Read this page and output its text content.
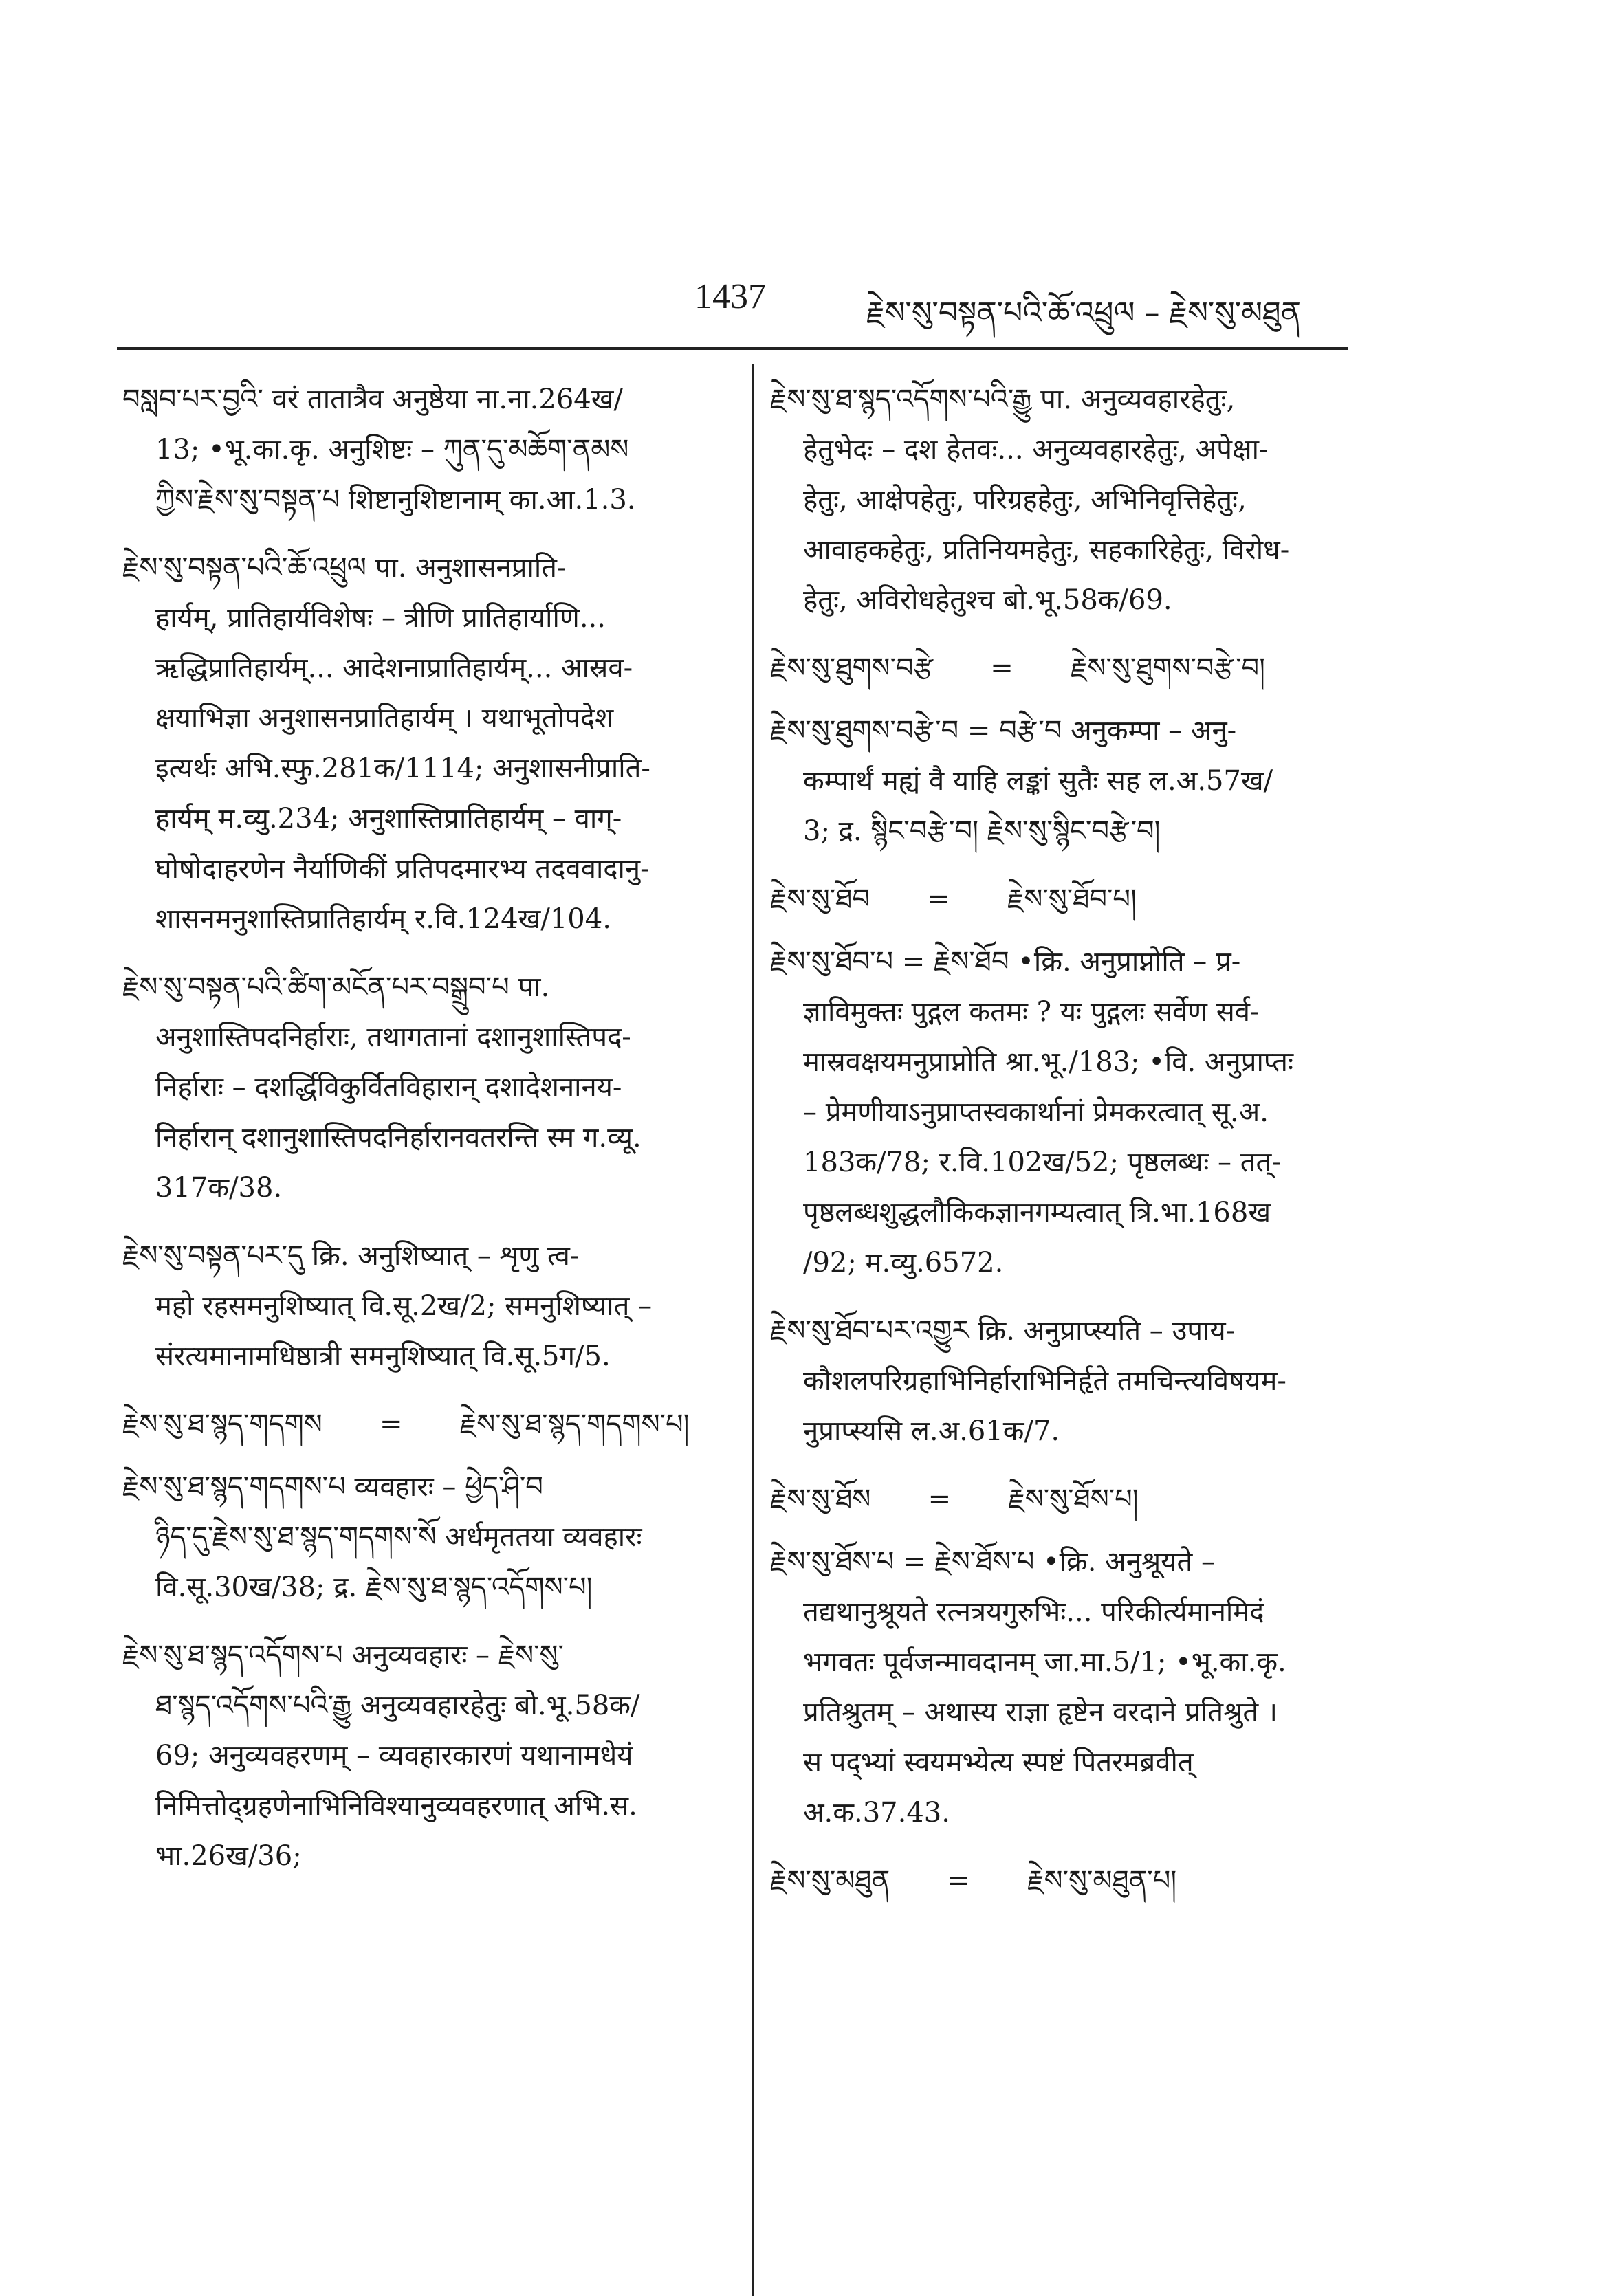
1437	རྗེས་སུ་བསྟན་པའི་ཆོ་འཕྲུལ – རྗེས་སུ་མཐུན

བསླབ་པར་བྱའི་ वरं तातात्रैव अनुष्ठेया ना.ना.264ख/

13; •भू.का.कृ. अनुशिष्टः – ཀུན་དུ་མཆོག་ནམས

ཀྱིས་རྗེས་སུ་བསྟན་པ शिष्टानुशिष्टानाम् का.आ.1.3.

རྗེས་སུ་བསྟན་པའི་ཆོ་འཕྲུལ पा. अनुशासनप्राति-

हार्यम्, प्रातिहार्यविशेषः – त्रीणि प्रातिहार्याणि...

ऋद्धिप्रातिहार्यम्... आदेशनाप्रातिहार्यम्... आस्रव-

क्षयाभिज्ञा अनुशासनप्रातिहार्यम् । यथाभूतोपदेश

इत्यर्थः अभि.स्फु.281क/1114; अनुशासनीप्राति-

हार्यम् म.व्यु.234; अनुशास्तिप्रातिहार्यम् – वाग्-

घोषोदाहरणेन नैर्याणिकीं प्रतिपदमारभ्य तदववादानु-

शासनमनुशास्तिप्रातिहार्यम् र.वि.124ख/104.

རྗེས་སུ་བསྟན་པའི་ཚིག་མངོན་པར་བསྒྲུབ་པ पा.

अनुशास्तिपदनिर्हाराः, तथागतानां दशानुशास्तिपद-

निर्हाराः – दशर्द्धिविकुर्वितविहारान् दशादेशनानय-

निर्हारान् दशानुशास्तिपदनिर्हारानवतरन्ति स्म ग.व्यू.

317क/38.

རྗེས་སུ་བསྟན་པར་དུ क्रि. अनुशिष्यात् – शृणु त्व-

महो रहसमनुशिष्यात् वि.सू.2ख/2; समनुशिष्यात् –

संरत्यमानामधिष्ठात्री समनुशिष्यात् वि.सू.5ग/5.

རྗེས་སུ་ཐ་སྙད་གདགས = རྗེས་སུ་ཐ་སྙད་གདགས་པ།

རྗེས་སུ་ཐ་སྙད་གདགས་པ व्यवहारः – ཕྱེད་ཤི་བ

ཉིད་དུ་རྗེས་སུ་ཐ་སྙད་གདགས་སོ अर्धमृततया व्यवहारः

वि.सू.30ख/38; द्र. རྗེས་སུ་ཐ་སྙད་འདོགས་པ།

རྗེས་སུ་ཐ་སྙད་འདོགས་པ अनुव्यवहारः – རྗེས་སུ་

ཐ་སྙད་འདོགས་པའི་རྒྱུ अनुव्यवहारहेतुः बो.भू.58क/

69; अनुव्यवहरणम् – व्यवहारकारणं यथानामधेयं

निमित्तोद्ग्रहणेनाभिनिविश्यानुव्यवहरणात् अभि.स.

भा.26ख/36;

རྗེས་སུ་ཐ་སྙད་འདོགས་པའི་རྒྱུ पा. अनुव्यवहारहेतुः,

हेतुभेदः – दश हेतवः... अनुव्यवहारहेतुः, अपेक्षा-

हेतुः, आक्षेपहेतुः, परिग्रहहेतुः, अभिनिवृत्तिहेतुः,

आवाहकहेतुः, प्रतिनियमहेतुः, सहकारिहेतुः, विरोध-

हेतुः, अविरोधहेतुश्च बो.भू.58क/69.

རྗེས་སུ་ཐུགས་བརྩེ = རྗེས་སུ་ཐུགས་བརྩེ་བ།

རྗེས་སུ་ཐུགས་བརྩེ་བ = བརྩེ་བ अनुकम्पा – अनु-

कम्पार्थं मह्यं वै याहि लङ्कां सुतैः सह ल.अ.57ख/

3; द्र. སྙིང་བརྩེ་བ། རྗེས་སུ་སྙིང་བརྩེ་བ།

རྗེས་སུ་ཐོབ = རྗེས་སུ་ཐོབ་པ།

རྗེས་སུ་ཐོབ་པ = རྗེས་ཐོབ •क्रि. अनुप्राप्नोति – प्र-

ज्ञाविमुक्तः पुद्गल कतमः ? यः पुद्गलः सर्वेण सर्व-

मास्रवक्षयमनुप्राप्नोति श्रा.भू./183; •वि. अनुप्राप्तः

– प्रेमणीयाऽनुप्राप्तस्वकार्थानां प्रेमकरत्वात् सू.अ.

183क/78; र.वि.102ख/52; पृष्ठलब्धः – तत्-

पृष्ठलब्धशुद्धलौकिकज्ञानगम्यत्वात् त्रि.भा.168ख

/92; म.व्यु.6572.

རྗེས་སུ་ཐོབ་པར་འགྱུར क्रि. अनुप्राप्स्यति – उपाय-

कौशलपरिग्रहाभिनिर्हाराभिनिर्हृते तमचिन्त्यविषयम-

नुप्राप्स्यसि ल.अ.61क/7.

རྗེས་སུ་ཐོས = རྗེས་སུ་ཐོས་པ།

རྗེས་སུ་ཐོས་པ = རྗེས་ཐོས་པ •क्रि. अनुश्रूयते –

तद्यथानुश्रूयते रत्नत्रयगुरुभिः... परिकीर्त्यमानमिदं

भगवतः पूर्वजन्मावदानम् जा.मा.5/1; •भू.का.कृ.

प्रतिश्रुतम् – अथास्य राज्ञा हृष्टेन वरदाने प्रतिश्रुते ।

स पद्भ्यां स्वयमभ्येत्य स्पष्टं पितरमब्रवीत्

अ.क.37.43.

རྗེས་སུ་མཐུན = རྗེས་སུ་མཐུན་པ།
